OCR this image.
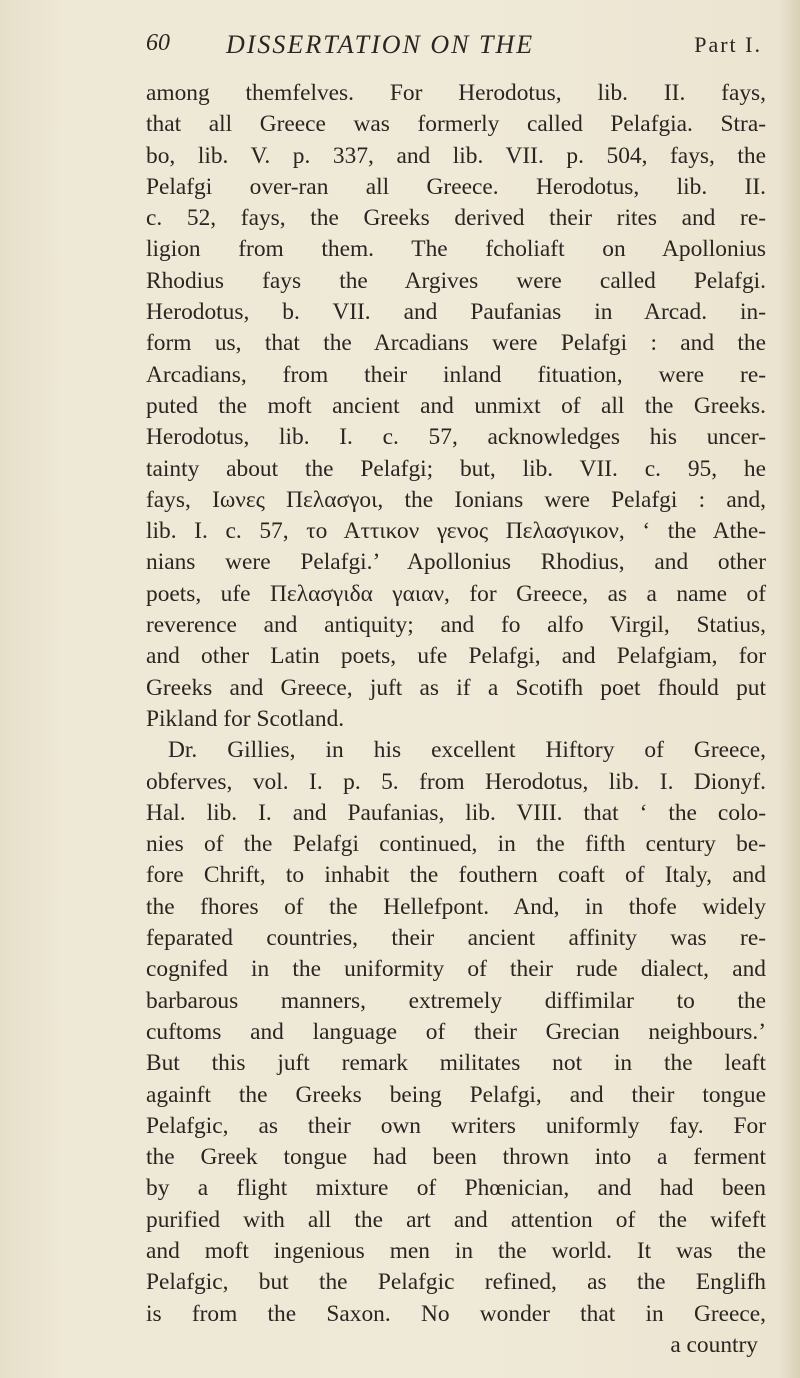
60 DISSERTATION ON THE	Part I.
among themfelves. For Herodotus, lib. II. fays,
that all Greece was formerly called Pelafgia. Stra-
bo, lib. V. p. 337, and lib. VII. p. 504, fays, the
Pelafgi over-ran all Greece. Herodotus, lib. II.
c. 52, fays, the Greeks derived their rites and re-
ligion from them. The fcholiaft on Apollonius
Rhodius fays the Argives were called Pelafgi.
Herodotus, b. VII. and Paufanias in Arcad. in-
form us, that the Arcadians were Pelafgi : and the
Arcadians, from their inland fituation, were re-
puted the moft ancient and unmixt of all the Greeks.
Herodotus, lib. I. c. 57, acknowledges his uncer-
tainty about the Pelafgi; but, lib. VII. c. 95, he
fays, Ιωνες Πελασγοι, the Ionians were Pelafgi : and,
lib. I. c. 57, το Αττικον γενος Πελασγικον, ‘ the Athe-
nians were Pelafgi.’ Apollonius Rhodius, and other
poets, ufe Πελασγιδα γαιαν, for Greece, as a name of
reverence and antiquity; and fo alfo Virgil, Statius,
and other Latin poets, ufe Pelafgi, and Pelafgiam, for
Greeks and Greece, juft as if a Scotifh poet fhould put
Pikland for Scotland.
Dr. Gillies, in his excellent Hiftory of Greece,
obferves, vol. I. p. 5. from Herodotus, lib. I. Dionyf.
Hal. lib. I. and Paufanias, lib. VIII. that ‘ the colo-
nies of the Pelafgi continued, in the fifth century be-
fore Chrift, to inhabit the fouthern coaft of Italy, and
the fhores of the Hellefpont. And, in thofe widely
feparated countries, their ancient affinity was re-
cognifed in the uniformity of their rude dialect, and
barbarous manners, extremely diffimilar to the
cuftoms and language of their Grecian neighbours.’
But this juft remark militates not in the leaft
againft the Greeks being Pelafgi, and their tongue
Pelafgic, as their own writers uniformly fay. For
the Greek tongue had been thrown into a ferment
by a flight mixture of Phœnician, and had been
purified with all the art and attention of the wifeft
and moft ingenious men in the world. It was the
Pelafgic, but the Pelafgic refined, as the Englifh
is from the Saxon. No wonder that in Greece,
a country
